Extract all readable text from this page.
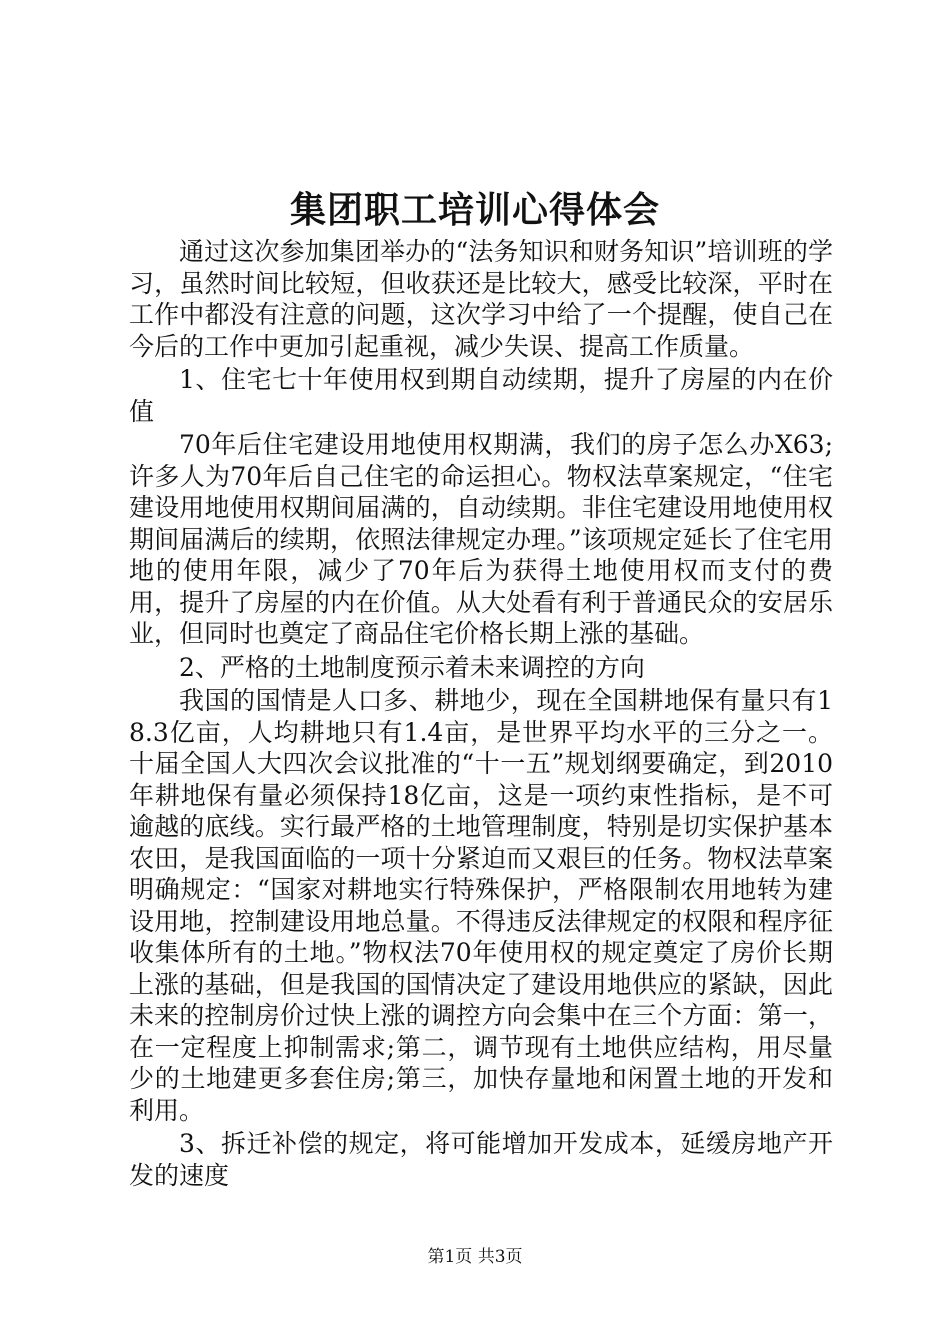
集团职工培训心得体会

通过这次参加集团举办的“法务知识和财务知识”培训班的学习，虽然时间比较短，但收获还是比较大，感受比较深，平时在工作中都没有注意的问题，这次学习中给了一个提醒，使自己在今后的工作中更加引起重视，减少失误、提高工作质量。

1、住宅七十年使用权到期自动续期，提升了房屋的内在价值

70年后住宅建设用地使用权期满，我们的房子怎么办X63;许多人为70年后自己住宅的命运担心。物权法草案规定，“住宅建设用地使用权期间届满的，自动续期。非住宅建设用地使用权期间届满后的续期，依照法律规定办理。”该项规定延长了住宅用地的使用年限，减少了70年后为获得土地使用权而支付的费用，提升了房屋的内在价值。从大处看有利于普通民众的安居乐业，但同时也奠定了商品住宅价格长期上涨的基础。

2、严格的土地制度预示着未来调控的方向

我国的国情是人口多、耕地少，现在全国耕地保有量只有18.3亿亩，人均耕地只有1.4亩，是世界平均水平的三分之一。十届全国人大四次会议批准的“十一五”规划纲要确定，到2010年耕地保有量必须保持18亿亩，这是一项约束性指标，是不可逾越的底线。实行最严格的土地管理制度，特别是切实保护基本农田，是我国面临的一项十分紧迫而又艰巨的任务。物权法草案明确规定：“国家对耕地实行特殊保护，严格限制农用地转为建设用地，控制建设用地总量。不得违反法律规定的权限和程序征收集体所有的土地。”物权法70年使用权的规定奠定了房价长期上涨的基础，但是我国的国情决定了建设用地供应的紧缺，因此未来的控制房价过快上涨的调控方向会集中在三个方面：第一，在一定程度上抑制需求;第二，调节现有土地供应结构，用尽量少的土地建更多套住房;第三，加快存量地和闲置土地的开发和利用。

3、拆迁补偿的规定，将可能增加开发成本，延缓房地产开发的速度

第1页 共3页
